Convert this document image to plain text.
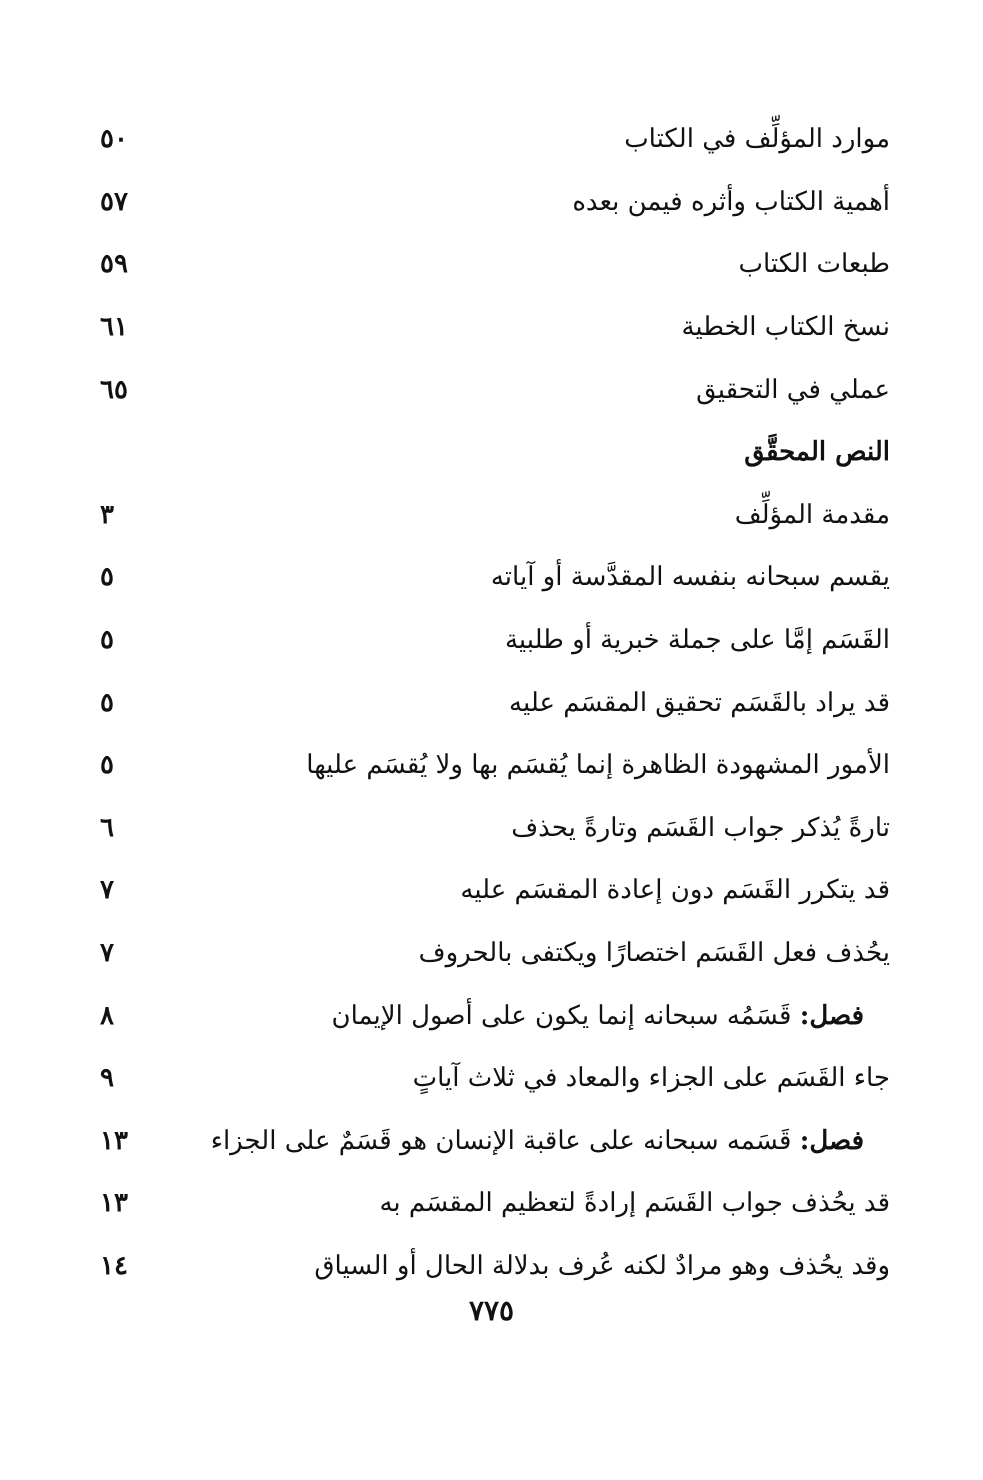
موارد المؤلِّف في الكتاب
٥٠
أهمية الكتاب وأثره فيمن بعده
٥٧
طبعات الكتاب
٥٩
نسخ الكتاب الخطية
٦١
عملي في التحقيق
٦٥
النص المحقَّق
مقدمة المؤلِّف
٣
يقسم سبحانه بنفسه المقدَّسة أو آياته
٥
القَسَم إمَّا على جملة خبرية أو طلبية
٥
قد يراد بالقَسَم تحقيق المقسَم عليه
٥
الأمور المشهودة الظاهرة إنما يُقسَم بها ولا يُقسَم عليها
٥
تارةً يُذكر جواب القَسَم وتارةً يحذف
٦
قد يتكرر القَسَم دون إعادة المقسَم عليه
٧
يحُذف فعل القَسَم اختصارًا ويكتفى بالحروف
٧
فصل: قَسَمُه سبحانه إنما يكون على أصول الإيمان
٨
جاء القَسَم على الجزاء والمعاد في ثلاث آياتٍ
٩
فصل: قَسَمه سبحانه على عاقبة الإنسان هو قَسَمٌ على الجزاء
١٣
قد يحُذف جواب القَسَم إرادةً لتعظيم المقسَم به
١٣
وقد يحُذف وهو مرادٌ لكنه عُرف بدلالة الحال أو السياق
١٤
٧٧٥
